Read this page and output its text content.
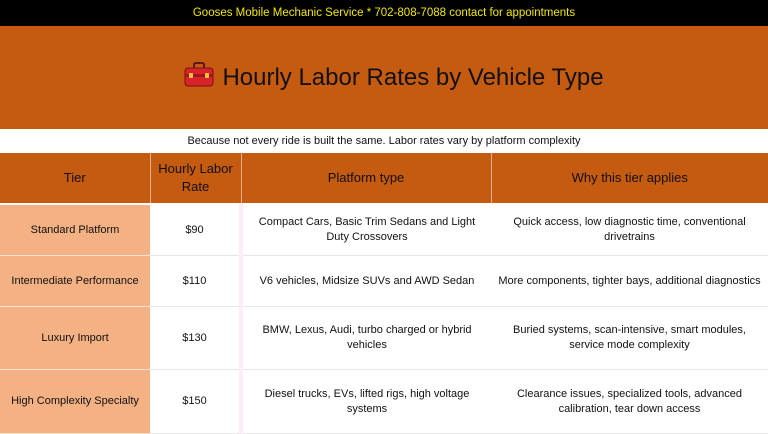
Gooses Mobile Mechanic Service * 702-808-7088 contact for appointments
Hourly Labor Rates by Vehicle Type
Because not every ride is built the same. Labor rates vary by platform complexity
Tier	Hourly Labor Rate	Platform type	Why this tier applies
Standard Platform	$90	Compact Cars, Basic Trim Sedans and Light Duty Crossovers	Quick access, low diagnostic time, conventional drivetrains
Intermediate Performance	$110	V6 vehicles, Midsize SUVs and AWD Sedan	More components, tighter bays, additional diagnostics
Luxury Import	$130	BMW, Lexus, Audi, turbo charged or hybrid vehicles	Buried systems, scan-intensive, smart modules, service mode complexity
High Complexity Specialty	$150	Diesel trucks, EVs, lifted rigs, high voltage systems	Clearance issues, specialized tools, advanced calibration, tear down access
